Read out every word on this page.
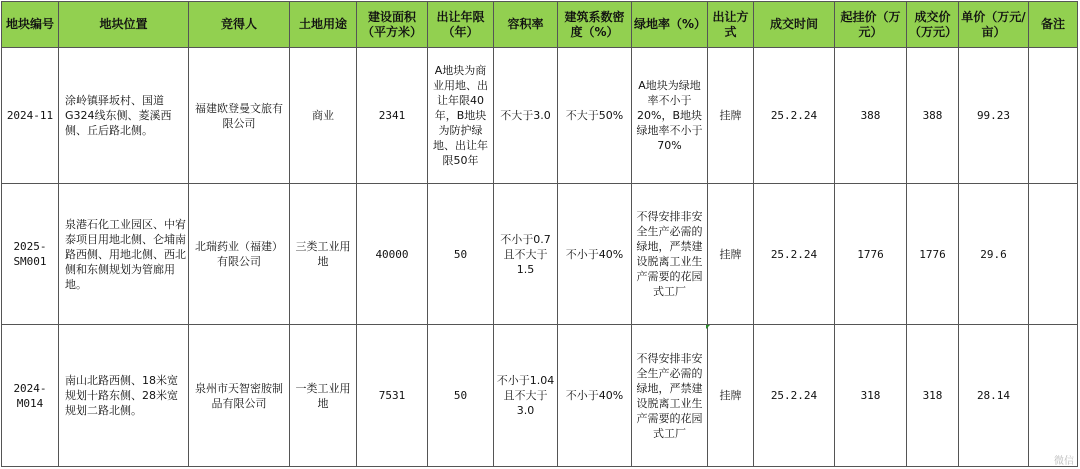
地块编号	地块位置	竞得人	土地用途	建设面积（平方米）	出让年限（年）	容积率	建筑系数密度（%）	绿地率（%）	出让方式	成交时间	起挂价（万元）	成交价（万元）	单价（万元/亩）	备注
2024-11	涂岭镇驿坂村、国道G324线东侧、菱溪西侧、丘后路北侧。	福建欧登曼文旅有限公司	商业	2341	A地块为商业用地、出让年限40年，B地块为防护绿地、出让年限50年	不大于3.0	不大于50%	A地块为绿地率不小于20%，B地块绿地率不小于70%	挂牌	25.2.24	388	388	99.23	
2025-SM001	泉港石化工业园区、中宥泰项目用地北侧、仑埔南路西侧、用地北侧、西北侧和东侧规划为管廊用地。	北瑞药业（福建）有限公司	三类工业用地	40000	50	不小于0.7且不大于1.5	不小于40%	不得安排非安全生产必需的绿地，严禁建设脱离工业生产需要的花园式工厂	挂牌	25.2.24	1776	1776	29.6	
2024-M014	南山北路西侧、18米宽规划十路东侧、28米宽规划二路北侧。	泉州市天智密胺制品有限公司	一类工业用地	7531	50	不小于1.04且不大于3.0	不小于40%	不得安排非安全生产必需的绿地，严禁建设脱离工业生产需要的花园式工厂	挂牌	25.2.24	318	318	28.14	
微信
